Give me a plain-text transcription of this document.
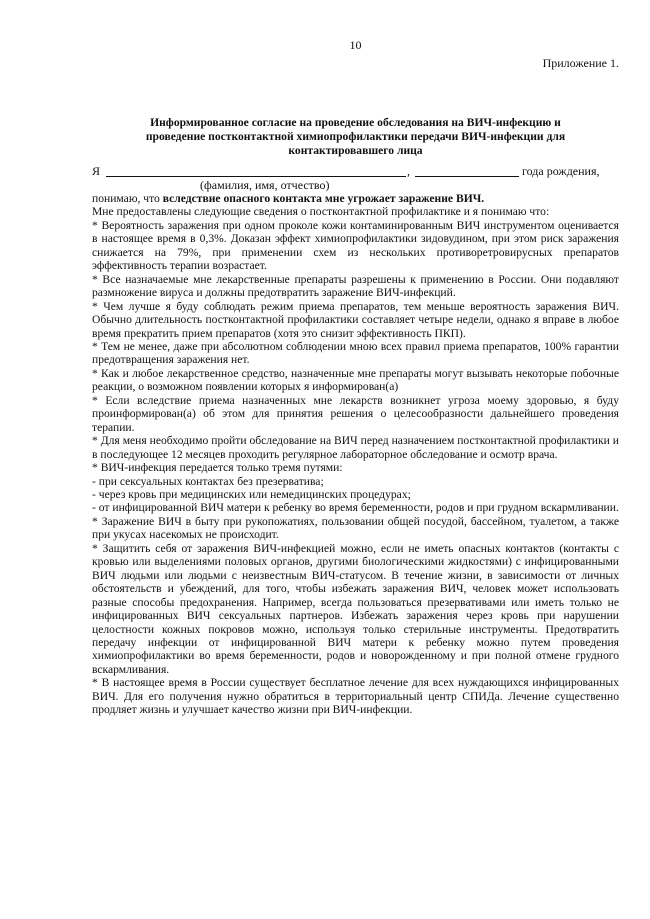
10
Приложение 1.
Информированное согласие на проведение обследования на ВИЧ-инфекцию и
проведение постконтактной химиопрофилактики передачи ВИЧ-инфекции для
контактировавшего лица
Я	,	года рождения,
(фамилия, имя, отчество)

понимаю, что вследствие опасного контакта мне угрожает заражение ВИЧ.

Мне предоставлены следующие сведения о постконтактной профилактике и я понимаю что:

* Вероятность заражения при одном проколе кожи контаминированным ВИЧ инструментом оценивается в настоящее время в 0,3%. Доказан эффект химиопрофилактики зидовудином, при этом риск заражения снижается на 79%, при применении схем из нескольких противоретровирусных препаратов эффективность терапии возрастает.

* Все назначаемые мне лекарственные препараты разрешены к применению в России. Они подавляют размножение вируса и должны предотвратить заражение ВИЧ-инфекций.

* Чем лучше я буду соблюдать режим приема препаратов, тем меньше вероятность заражения ВИЧ. Обычно длительность постконтактной профилактики составляет четыре недели, однако я вправе в любое время прекратить прием препаратов (хотя это снизит эффективность ПКП).

* Тем не менее, даже при абсолютном соблюдении мною всех правил приема препаратов, 100% гарантии предотвращения заражения нет.

* Как и любое лекарственное средство, назначенные мне препараты могут вызывать некоторые побочные реакции, о возможном появлении которых я информирован(а)

* Если вследствие приема назначенных мне лекарств возникнет угроза моему здоровью, я буду проинформирован(а) об этом для принятия решения о целесообразности дальнейшего проведения терапии.

* Для меня необходимо пройти обследование на ВИЧ перед назначением постконтактной профилактики и в последующее 12 месяцев проходить регулярное лабораторное обследование и осмотр врача.

* ВИЧ-инфекция передается только тремя путями:

- при сексуальных контактах без презерватива;

- через кровь при медицинских или немедицинских процедурах;

- от инфицированной ВИЧ матери к ребенку во время беременности, родов и при грудном вскармливании.

* Заражение ВИЧ в быту при рукопожатиях, пользовании общей посудой, бассейном, туалетом, а также при укусах насекомых не происходит.

* Защитить себя от заражения ВИЧ-инфекцией можно, если не иметь опасных контактов (контакты с кровью или выделениями половых органов, другими биологическими жидкостями) с инфицированными ВИЧ людьми или людьми с неизвестным ВИЧ-статусом. В течение жизни, в зависимости от личных обстоятельств и убеждений, для того, чтобы избежать заражения ВИЧ, человек может использовать разные способы предохранения. Например, всегда пользоваться презервативами или иметь только не инфицированных ВИЧ сексуальных партнеров. Избежать заражения через кровь при нарушении целостности кожных покровов можно, используя только стерильные инструменты. Предотвратить передачу инфекции от инфицированной ВИЧ матери к ребенку можно путем проведения химиопрофилактики во время беременности, родов и новорожденному и при полной отмене грудного вскармливания.

* В настоящее время в России существует бесплатное лечение для всех нуждающихся инфицированных ВИЧ. Для его получения нужно обратиться в территориальный центр СПИДа. Лечение существенно продляет жизнь и улучшает качество жизни при ВИЧ-инфекции.
